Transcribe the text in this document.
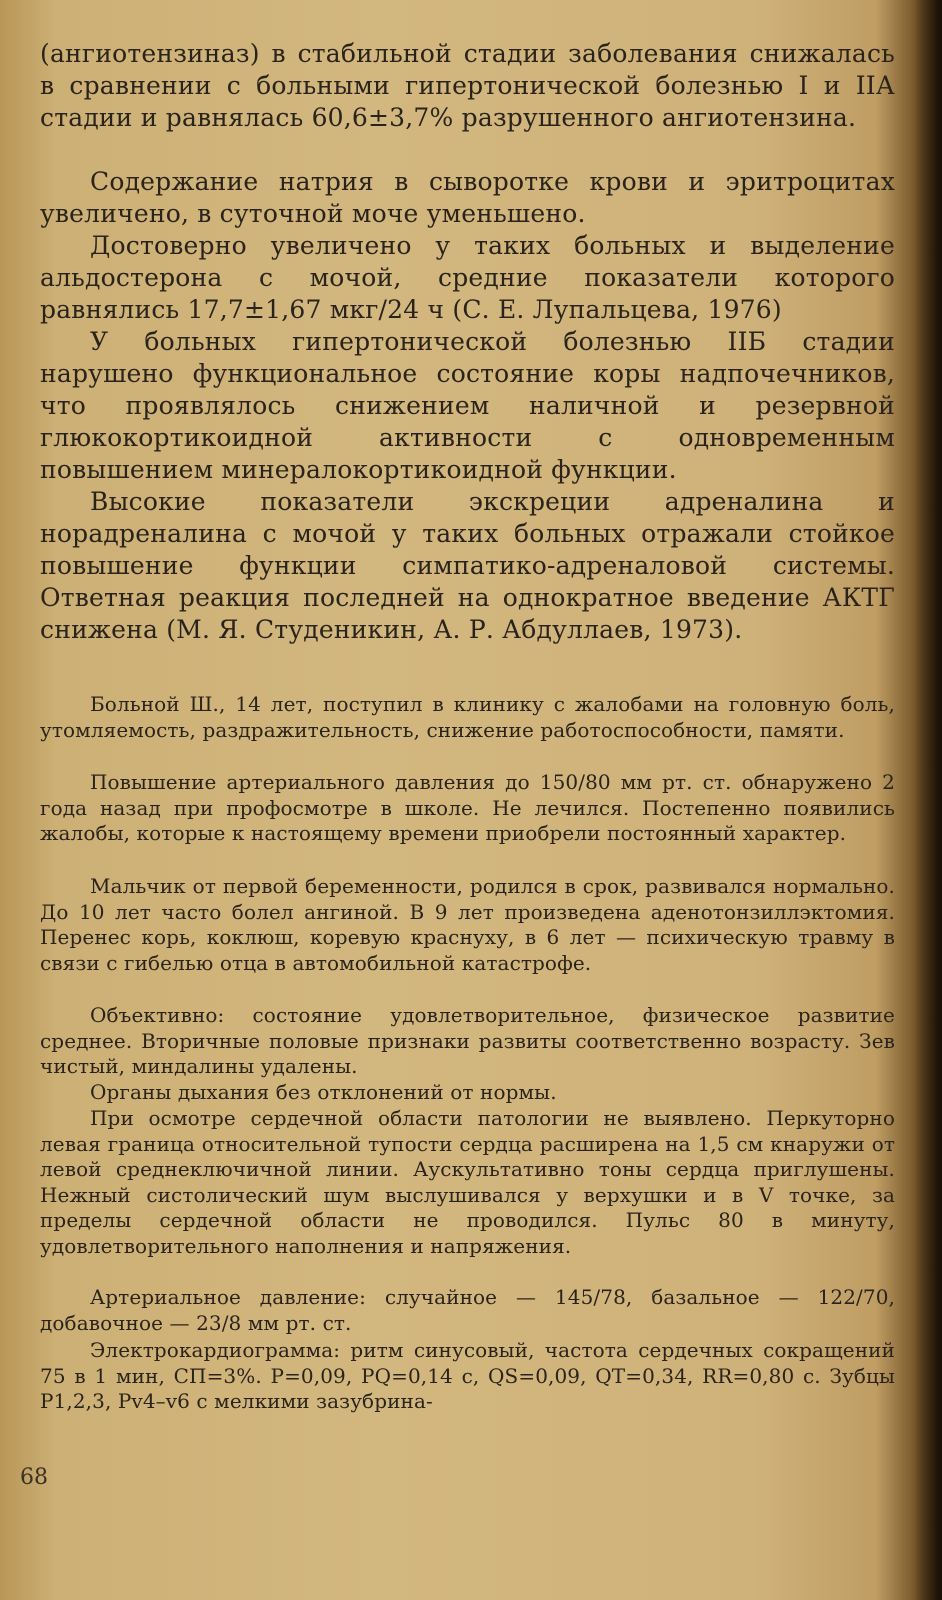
(ангиотензиназ) в стабильной стадии заболевания снижалась в сравнении с больными гипертонической болезнью I и IIА стадии и равнялась 60,6±3,7% разрушенного ангиотензина.

Содержание натрия в сыворотке крови и эритроцитах увеличено, в суточной моче уменьшено.

Достоверно увеличено у таких больных и выделение альдостерона с мочой, средние показатели которого равнялись 17,7±1,67 мкг/24 ч (С. Е. Лупальцева, 1976)

У больных гипертонической болезнью IIБ стадии нарушено функциональное состояние коры надпочечников, что проявлялось снижением наличной и резервной глюкокортикоидной активности с одновременным повышением минералокортикоидной функции.

Высокие показатели экскреции адреналина и норадреналина с мочой у таких больных отражали стойкое повышение функции симпатико-адреналовой системы. Ответная реакция последней на однократное введение АКТГ снижена (М. Я. Студеникин, А. Р. Абдуллаев, 1973).

Больной Ш., 14 лет, поступил в клинику с жалобами на головную боль, утомляемость, раздражительность, снижение работоспособности, памяти.

Повышение артериального давления до 150/80 мм рт. ст. обнаружено 2 года назад при профосмотре в школе. Не лечился. Постепенно появились жалобы, которые к настоящему времени приобрели постоянный характер.

Мальчик от первой беременности, родился в срок, развивался нормально. До 10 лет часто болел ангиной. В 9 лет произведена аденотонзиллэктомия. Перенес корь, коклюш, коревую краснуху, в 6 лет — психическую травму в связи с гибелью отца в автомобильной катастрофе.

Объективно: состояние удовлетворительное, физическое развитие среднее. Вторичные половые признаки развиты соответственно возрасту. Зев чистый, миндалины удалены.

Органы дыхания без отклонений от нормы.

При осмотре сердечной области патологии не выявлено. Перкуторно левая граница относительной тупости сердца расширена на 1,5 см кнаружи от левой среднеключичной линии. Аускультативно тоны сердца приглушены. Нежный систолический шум выслушивался у верхушки и в V точке, за пределы сердечной области не проводился. Пульс 80 в минуту, удовлетворительного наполнения и напряжения.

Артериальное давление: случайное — 145/78, базальное — 122/70, добавочное — 23/8 мм рт. ст.

Электрокардиограмма: ритм синусовый, частота сердечных сокращений 75 в 1 мин, СП=3%. P=0,09, PQ=0,14 с, QS=0,09, QT=0,34, RR=0,80 с. Зубцы P1,2,3, Pv4–v6 с мелкими зазубрина-

68
